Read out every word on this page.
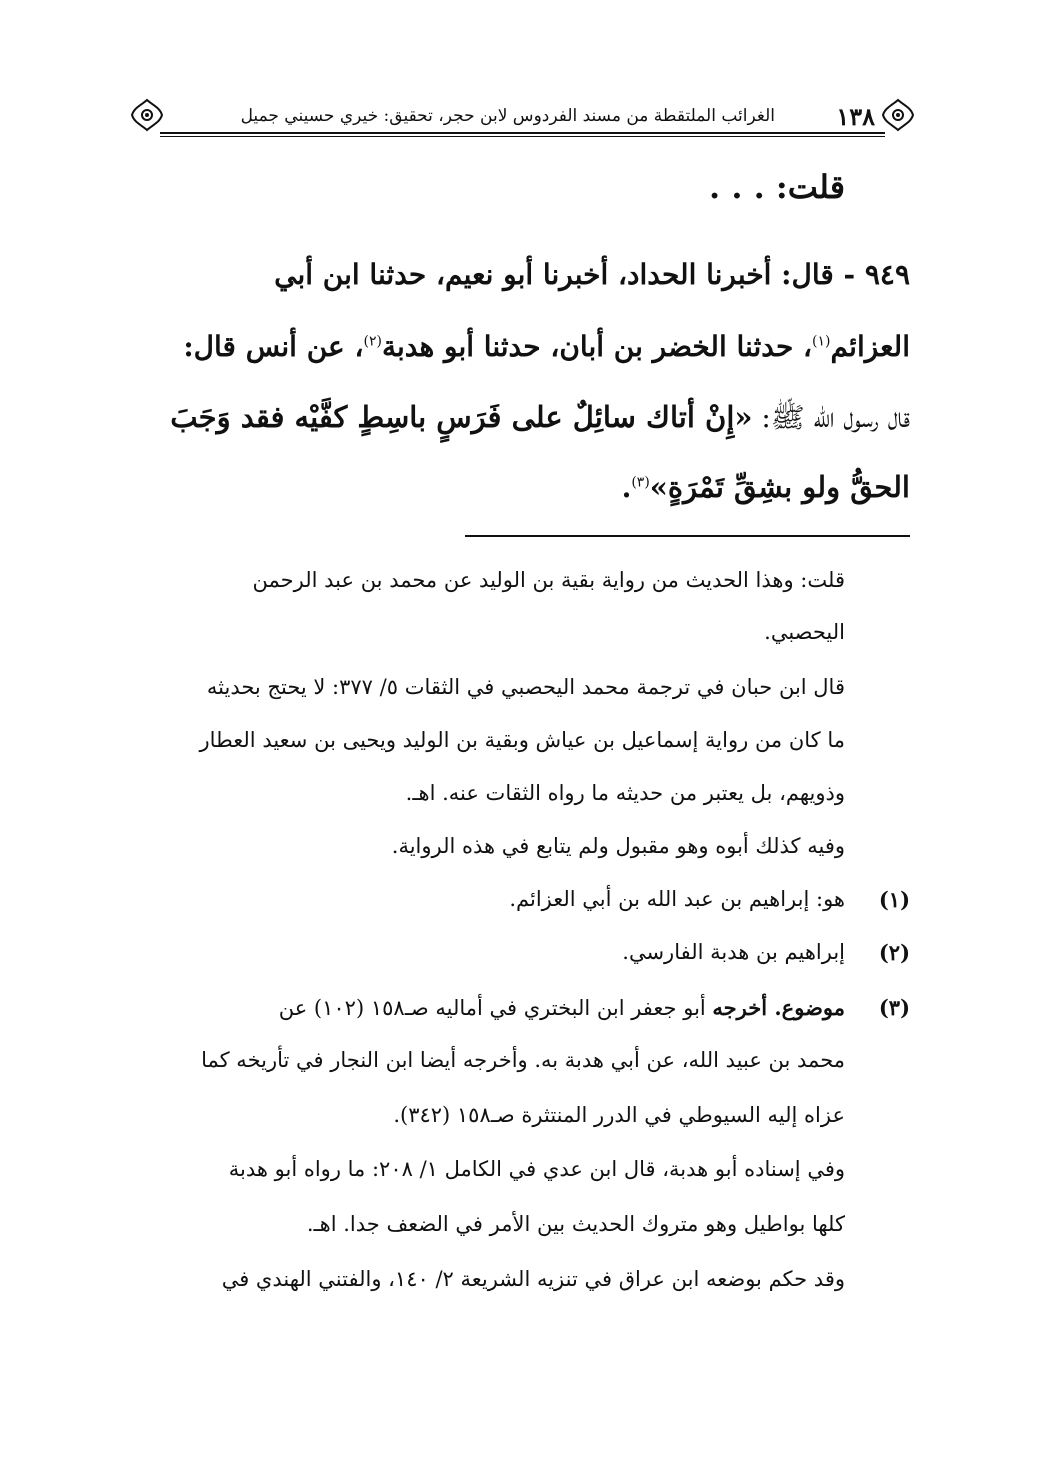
١٣٨
الغرائب الملتقطة من مسند الفردوس لابن حجر، تحقيق: خيري حسيني جميل
قلت: . . .
٩٤٩ - قال: أخبرنا الحداد، أخبرنا أبو نعيم، حدثنا ابن أبي
العزائم$^{(١)}$، حدثنا الخضر بن أبان، حدثنا أبو هدبة$^{(٢)}$، عن أنس قال:
قال رسول الله ﷺ: «إِنْ أتاك سائِلٌ على فَرَسٍ باسِطٍ كفَّيْه فقد وَجَبَ
الحقُّ ولو بشِقِّ تَمْرَةٍ»$^{(٣)}$.
قلت: وهذا الحديث من رواية بقية بن الوليد عن محمد بن عبد الرحمن
اليحصبي.
قال ابن حبان في ترجمة محمد اليحصبي في الثقات ٥/ ٣٧٧: لا يحتج بحديثه
ما كان من رواية إسماعيل بن عياش وبقية بن الوليد ويحيى بن سعيد العطار
وذويهم، بل يعتبر من حديثه ما رواه الثقات عنه. اهـ.
وفيه كذلك أبوه وهو مقبول ولم يتابع في هذه الرواية.
(١)
هو: إبراهيم بن عبد الله بن أبي العزائم.
(٢)
إبراهيم بن هدبة الفارسي.
(٣)
موضوع. أخرجه أبو جعفر ابن البختري في أماليه صـ١٥٨ (١٠٢) عن
محمد بن عبيد الله، عن أبي هدبة به. وأخرجه أيضا ابن النجار في تأريخه كما
عزاه إليه السيوطي في الدرر المنتثرة صـ١٥٨ (٣٤٢).
وفي إسناده أبو هدبة، قال ابن عدي في الكامل ١/ ٢٠٨: ما رواه أبو هدبة
كلها بواطيل وهو متروك الحديث بين الأمر في الضعف جدا. اهـ.
وقد حكم بوضعه ابن عراق في تنزيه الشريعة ٢/ ١٤٠، والفتني الهندي في
